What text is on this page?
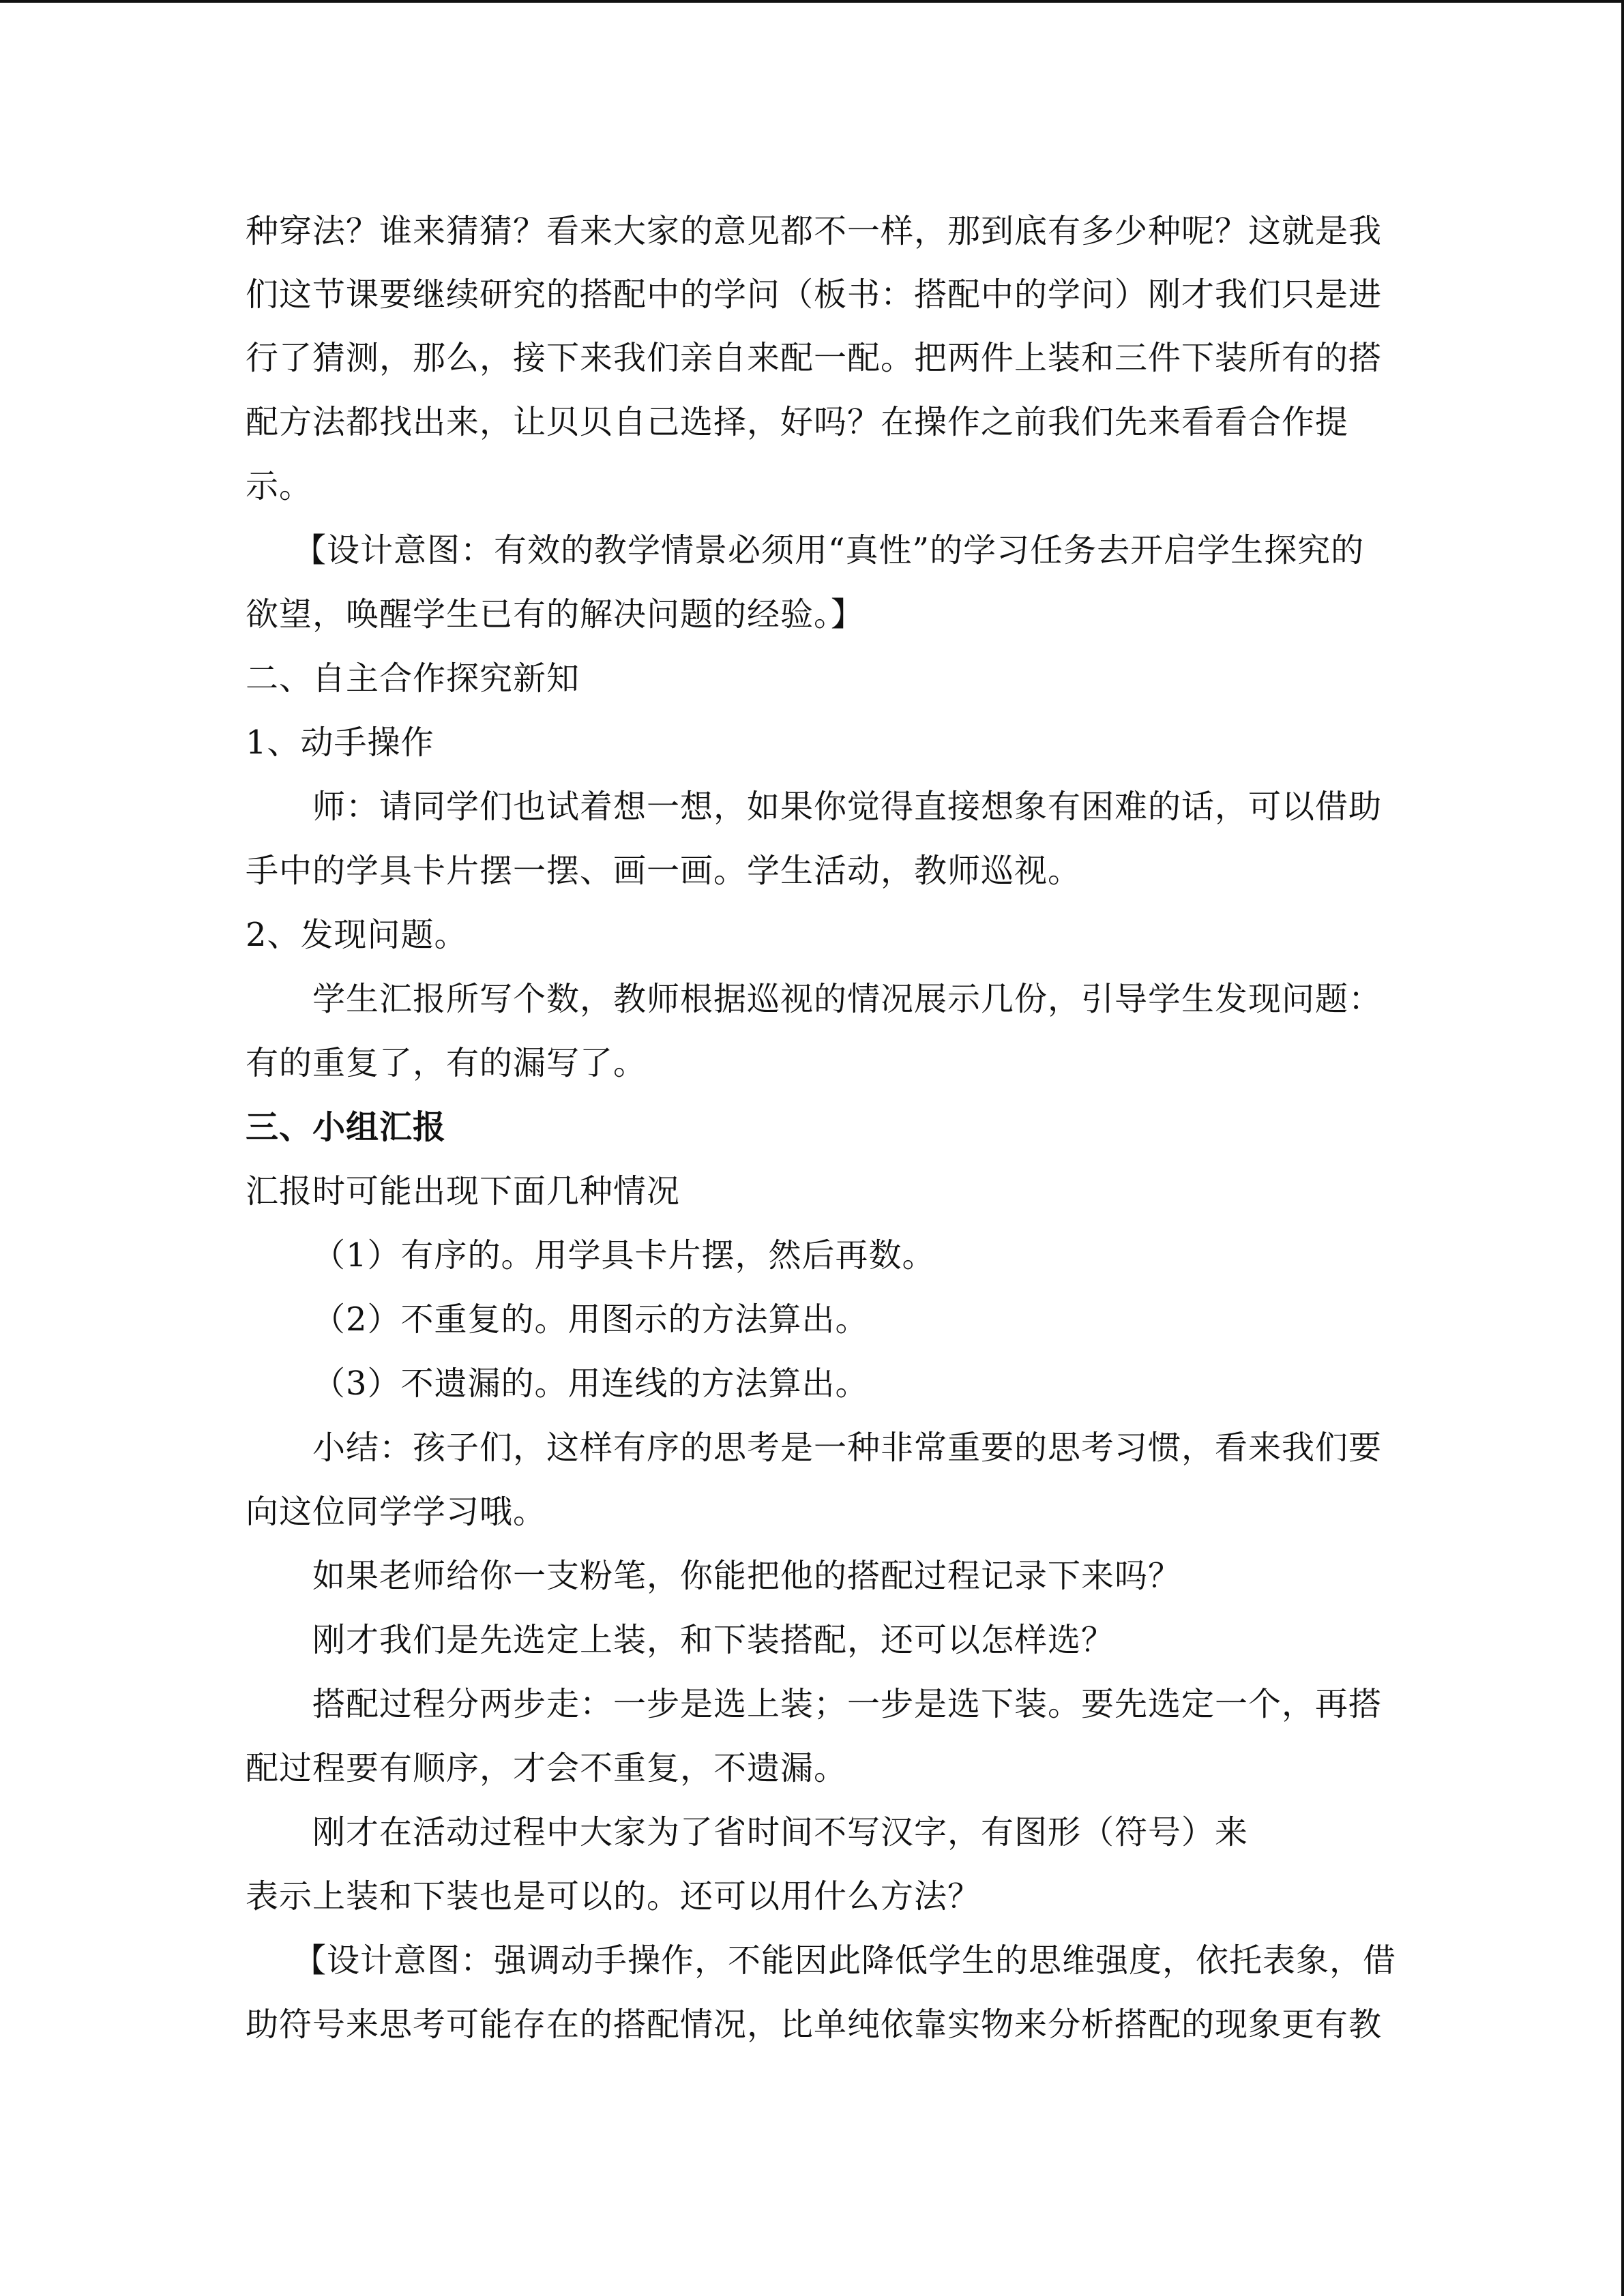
种穿法？谁来猜猜？看来大家的意见都不一样，那到底有多少种呢？这就是我
们这节课要继续研究的搭配中的学问（板书：搭配中的学问）刚才我们只是进
行了猜测，那么，接下来我们亲自来配一配。把两件上装和三件下装所有的搭
配方法都找出来，让贝贝自己选择，好吗？在操作之前我们先来看看合作提
示。
【设计意图：有效的教学情景必须用“真性”的学习任务去开启学生探究的
欲望，唤醒学生已有的解决问题的经验。】
二、自主合作探究新知
1、动手操作
师：请同学们也试着想一想，如果你觉得直接想象有困难的话，可以借助
手中的学具卡片摆一摆、画一画。学生活动，教师巡视。
2、发现问题。
学生汇报所写个数，教师根据巡视的情况展示几份，引导学生发现问题：
有的重复了，有的漏写了。
三、小组汇报
汇报时可能出现下面几种情况
（1）有序的。用学具卡片摆，然后再数。
（2）不重复的。用图示的方法算出。
（3）不遗漏的。用连线的方法算出。
小结：孩子们，这样有序的思考是一种非常重要的思考习惯，看来我们要
向这位同学学习哦。
如果老师给你一支粉笔，你能把他的搭配过程记录下来吗？
刚才我们是先选定上装，和下装搭配，还可以怎样选？
搭配过程分两步走：一步是选上装；一步是选下装。要先选定一个，再搭
配过程要有顺序，才会不重复，不遗漏。
刚才在活动过程中大家为了省时间不写汉字，有图形（符号）来
表示上装和下装也是可以的。还可以用什么方法？
【设计意图：强调动手操作，不能因此降低学生的思维强度，依托表象，借
助符号来思考可能存在的搭配情况，比单纯依靠实物来分析搭配的现象更有教
